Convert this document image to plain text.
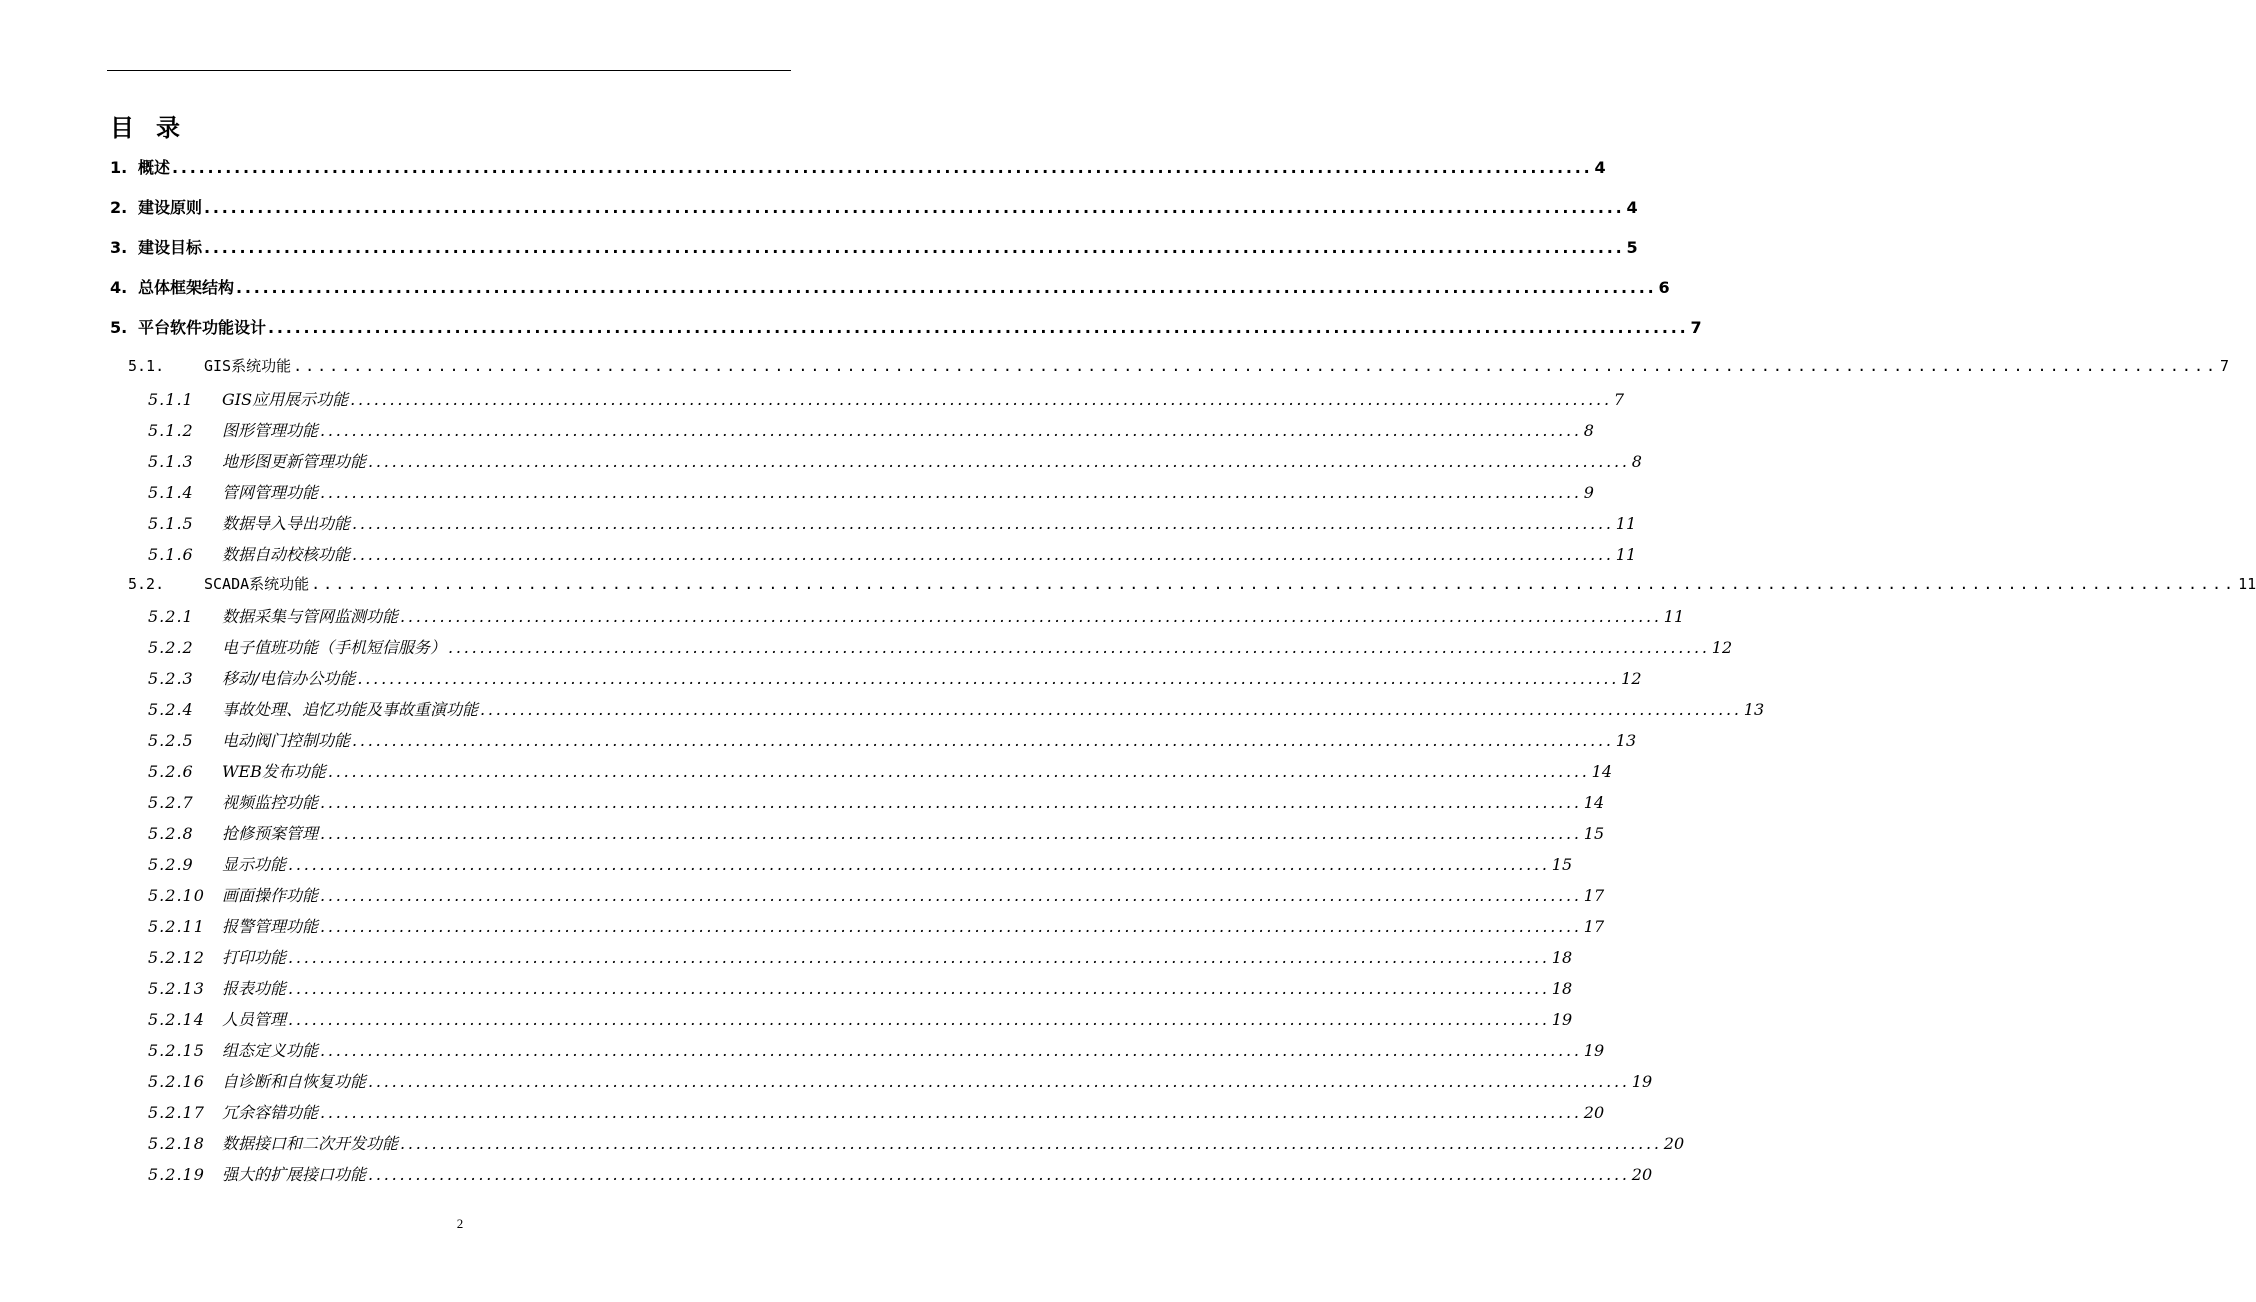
目 录
1. 概述 ................................................................................................................................................................ 4
2. 建设原则 ................................................................................................................................................................ 4
3. 建设目标 ................................................................................................................................................................ 5
4. 总体框架结构 ................................................................................................................................................................ 6
5. 平台软件功能设计 ................................................................................................................................................................ 7
5.1.	GIS系统功能 ................................................................................................................................................................ 7
5.1.1	GIS应用展示功能 ................................................................................................................................................................ 7
5.1.2	图形管理功能 ................................................................................................................................................................ 8
5.1.3	地形图更新管理功能 ................................................................................................................................................................ 8
5.1.4	管网管理功能 ................................................................................................................................................................ 9
5.1.5	数据导入导出功能 ................................................................................................................................................................ 11
5.1.6	数据自动校核功能 ................................................................................................................................................................ 11
5.2.	SCADA系统功能 ................................................................................................................................................................ 11
5.2.1	数据采集与管网监测功能 ................................................................................................................................................................ 11
5.2.2	电子值班功能（手机短信服务） ................................................................................................................................................................ 12
5.2.3	移动/电信办公功能 ................................................................................................................................................................ 12
5.2.4	事故处理、追忆功能及事故重演功能 ................................................................................................................................................................ 13
5.2.5	电动阀门控制功能 ................................................................................................................................................................ 13
5.2.6	WEB发布功能 ................................................................................................................................................................ 14
5.2.7	视频监控功能 ................................................................................................................................................................ 14
5.2.8	抢修预案管理 ................................................................................................................................................................ 15
5.2.9	显示功能 ................................................................................................................................................................ 15
5.2.10	画面操作功能 ................................................................................................................................................................ 17
5.2.11	报警管理功能 ................................................................................................................................................................ 17
5.2.12	打印功能 ................................................................................................................................................................ 18
5.2.13	报表功能 ................................................................................................................................................................ 18
5.2.14	人员管理 ................................................................................................................................................................ 19
5.2.15	组态定义功能 ................................................................................................................................................................ 19
5.2.16	自诊断和自恢复功能 ................................................................................................................................................................ 19
5.2.17	冗余容错功能 ................................................................................................................................................................ 20
5.2.18	数据接口和二次开发功能 ................................................................................................................................................................ 20
5.2.19	强大的扩展接口功能 ................................................................................................................................................................ 20
2
